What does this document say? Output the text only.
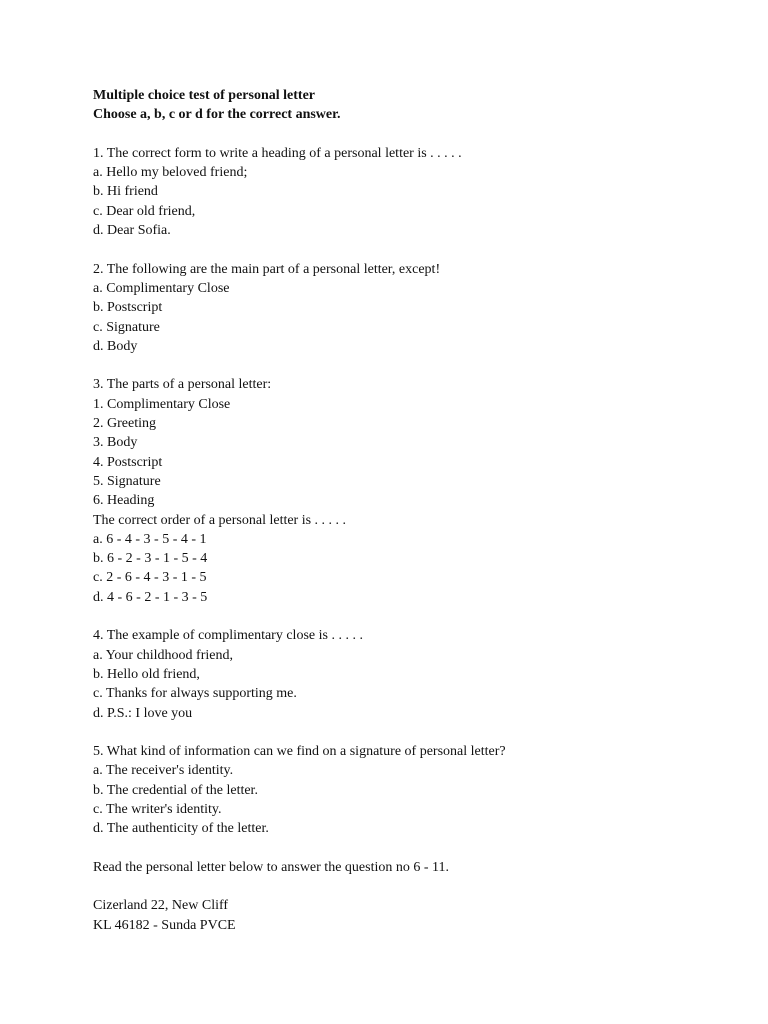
Multiple choice test of personal letter
Choose a, b, c or d for the correct answer.
1. The correct form to write a heading of a personal letter is . . . . .
a. Hello my beloved friend;
b. Hi friend
c. Dear old friend,
d. Dear Sofia.
2. The following are the main part of a personal letter, except!
a. Complimentary Close
b. Postscript
c. Signature
d. Body
3. The parts of a personal letter:
1. Complimentary Close
2. Greeting
3. Body
4. Postscript
5. Signature
6. Heading
The correct order of a personal letter is . . . . .
a. 6 - 4 - 3 - 5 - 4 - 1
b. 6 - 2 - 3 - 1 - 5 - 4
c. 2 - 6 - 4 - 3 - 1 - 5
d. 4 - 6 - 2 - 1 - 3 - 5
4. The example of complimentary close is . . . . .
a. Your childhood friend,
b. Hello old friend,
c. Thanks for always supporting me.
d. P.S.: I love you
5. What kind of information can we find on a signature of personal letter?
a. The receiver's identity.
b. The credential of the letter.
c. The writer's identity.
d. The authenticity of the letter.
Read the personal letter below to answer the question no 6 - 11.
Cizerland 22, New Cliff
KL 46182 - Sunda PVCE
